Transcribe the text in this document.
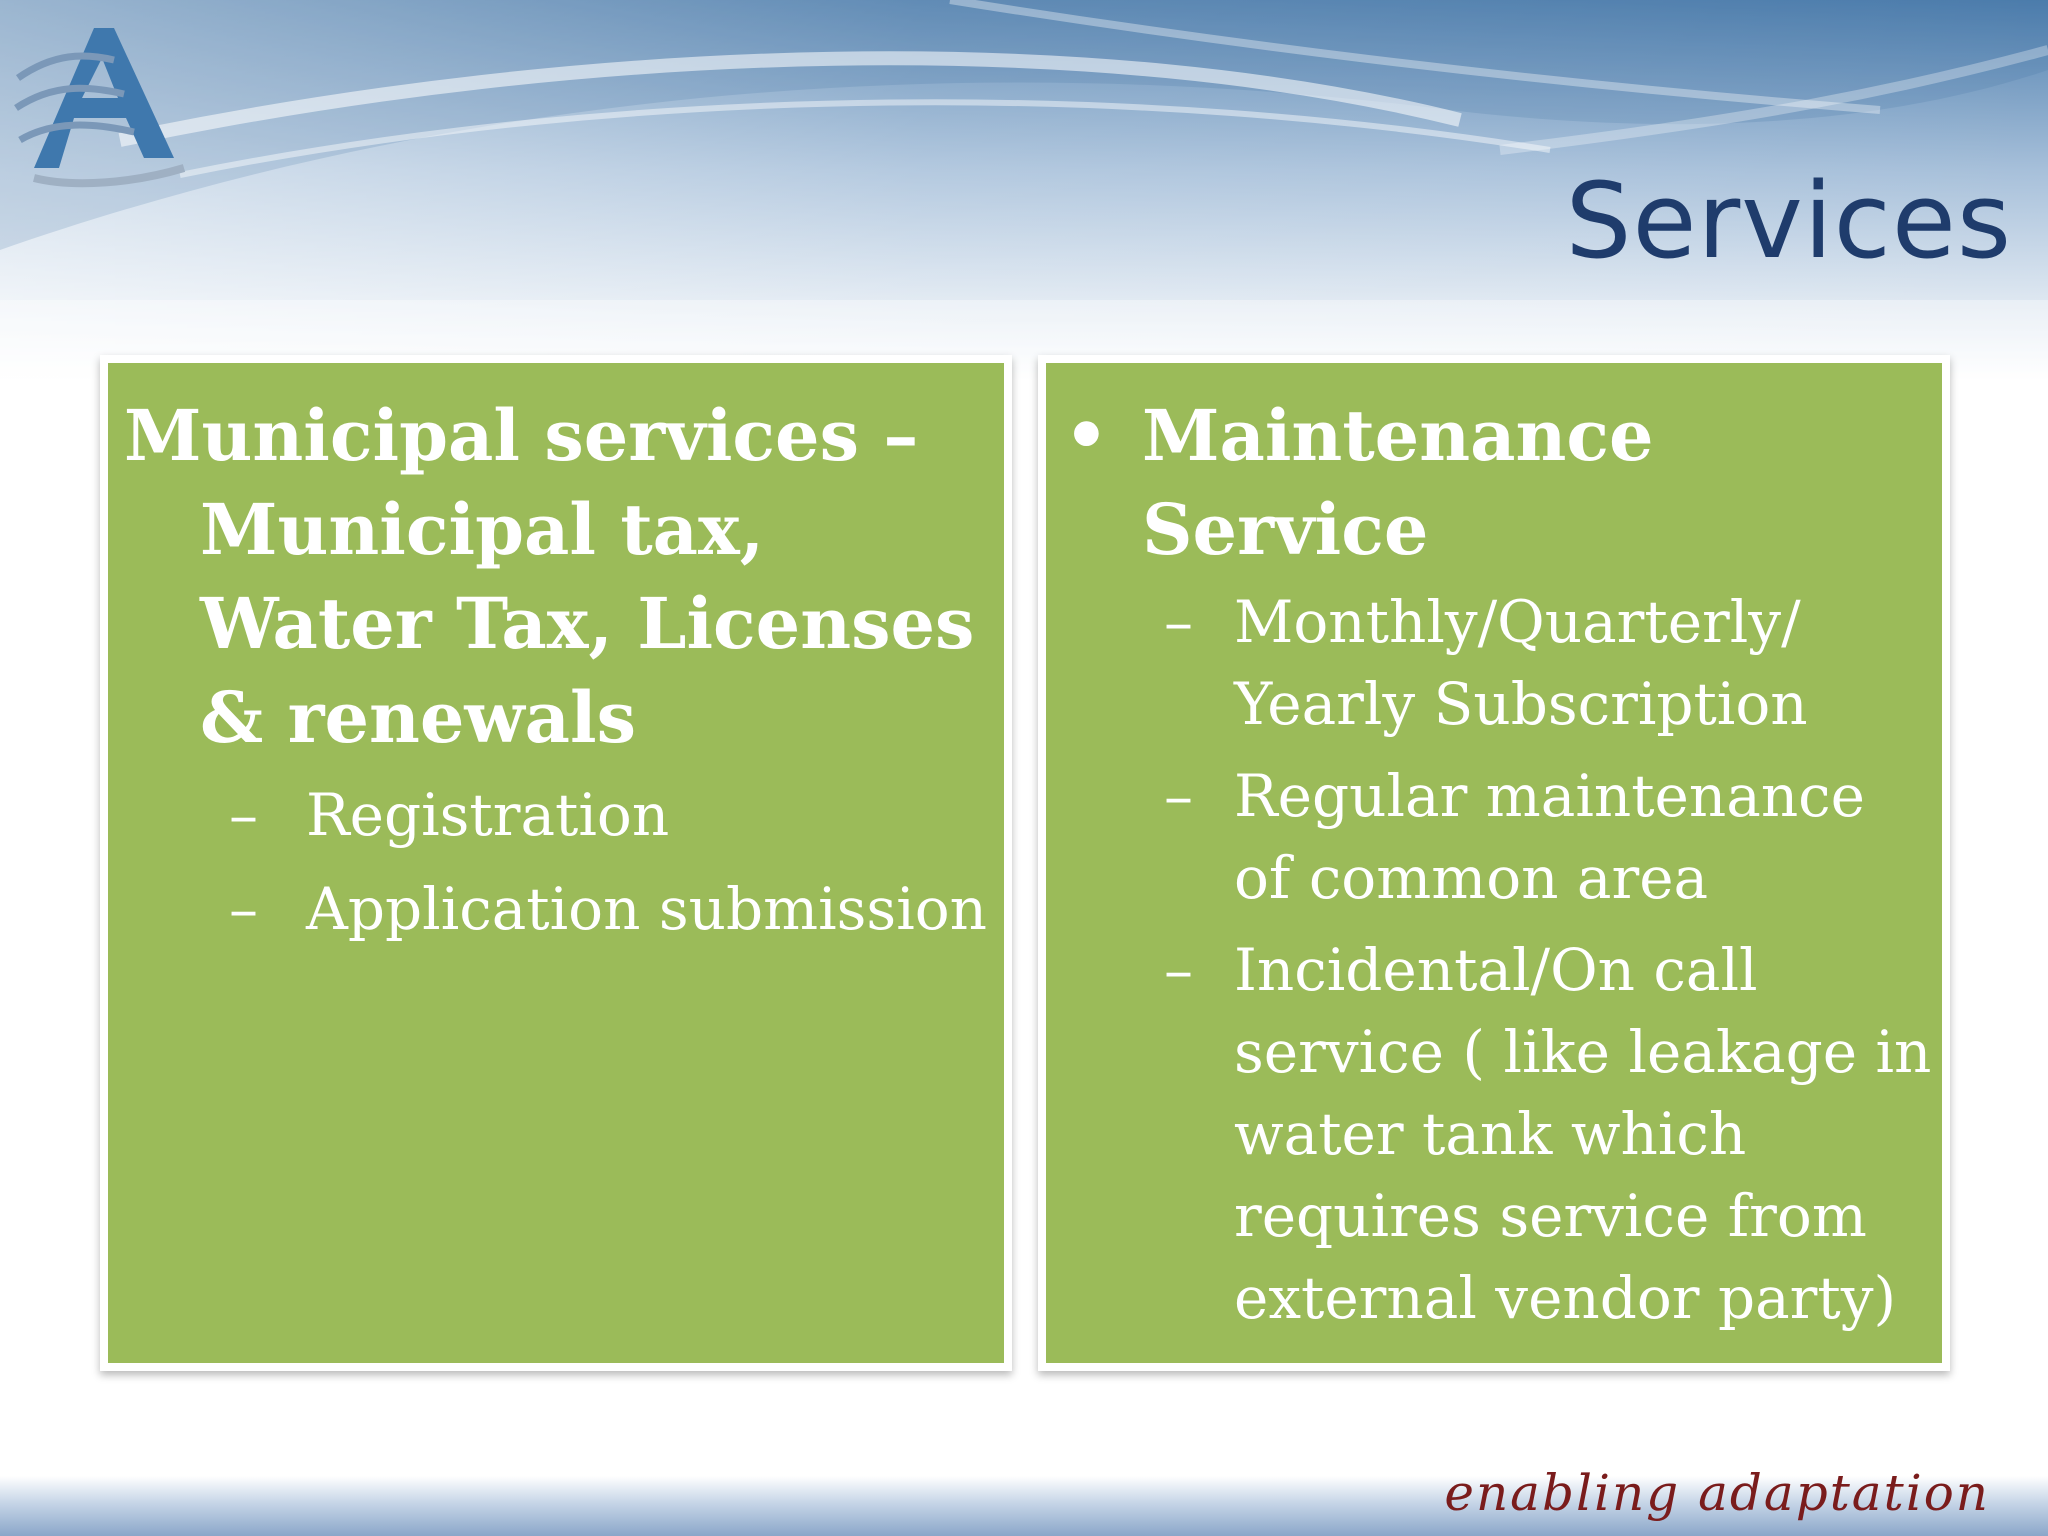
Services
Municipal services – Municipal tax, Water Tax, Licenses & renewals
– Registration
– Application submission
• Maintenance Service
– Monthly/Quarterly/ Yearly Subscription
– Regular maintenance of common area
– Incidental/On call service ( like leakage in water tank which requires service from external vendor party)
enabling adaptation
